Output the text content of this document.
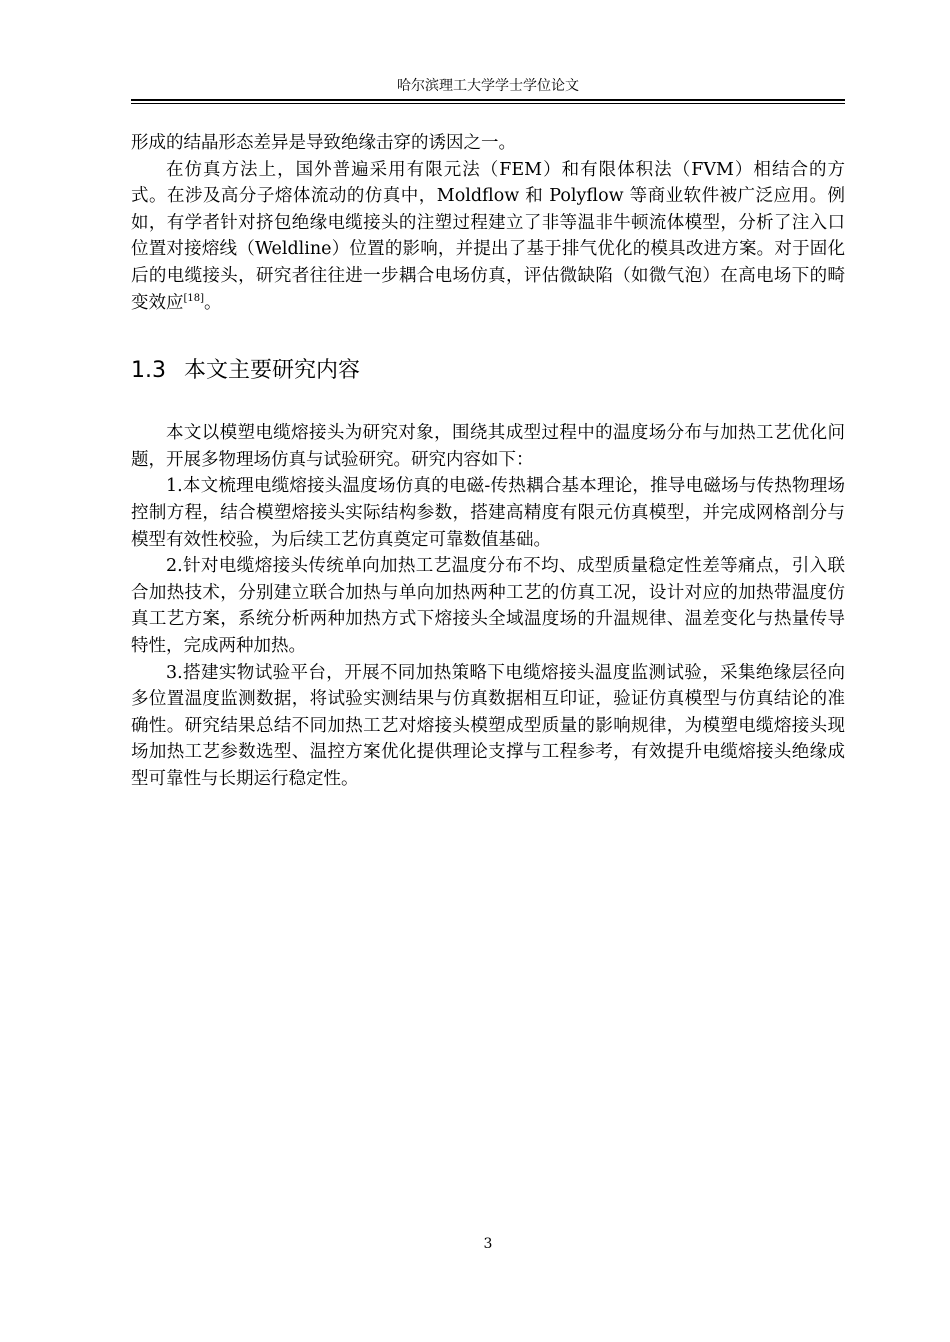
哈尔滨理工大学学士学位论文

形成的结晶形态差异是导致绝缘击穿的诱因之一。

在仿真方法上，国外普遍采用有限元法（FEM）和有限体积法（FVM）相结合的方式。在涉及高分子熔体流动的仿真中，Moldflow 和 Polyflow 等商业软件被广泛应用。例如，有学者针对挤包绝缘电缆接头的注塑过程建立了非等温非牛顿流体模型，分析了注入口位置对接熔线（Weldline）位置的影响，并提出了基于排气优化的模具改进方案。对于固化后的电缆接头，研究者往往进一步耦合电场仿真，评估微缺陷（如微气泡）在高电场下的畸变效应[18]。

1.3 本文主要研究内容

本文以模塑电缆熔接头为研究对象，围绕其成型过程中的温度场分布与加热工艺优化问题，开展多物理场仿真与试验研究。研究内容如下：

1.本文梳理电缆熔接头温度场仿真的电磁-传热耦合基本理论，推导电磁场与传热物理场控制方程，结合模塑熔接头实际结构参数，搭建高精度有限元仿真模型，并完成网格剖分与模型有效性校验，为后续工艺仿真奠定可靠数值基础。

2.针对电缆熔接头传统单向加热工艺温度分布不均、成型质量稳定性差等痛点，引入联合加热技术，分别建立联合加热与单向加热两种工艺的仿真工况，设计对应的加热带温度仿真工艺方案，系统分析两种加热方式下熔接头全域温度场的升温规律、温差变化与热量传导特性，完成两种加热。

3.搭建实物试验平台，开展不同加热策略下电缆熔接头温度监测试验，采集绝缘层径向多位置温度监测数据，将试验实测结果与仿真数据相互印证，验证仿真模型与仿真结论的准确性。研究结果总结不同加热工艺对熔接头模塑成型质量的影响规律，为模塑电缆熔接头现场加热工艺参数选型、温控方案优化提供理论支撑与工程参考，有效提升电缆熔接头绝缘成型可靠性与长期运行稳定性。

3
